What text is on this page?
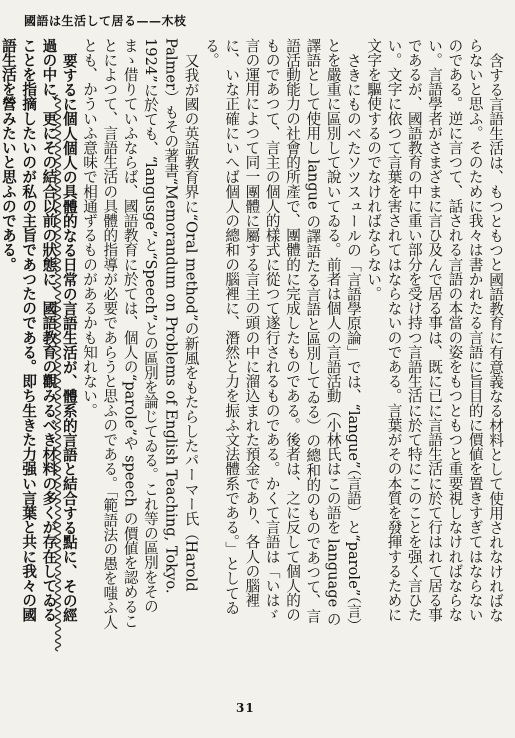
國語は生活して居る——木枝

含する言語生活は、もつともつと國語教育に有意義なる材料として使用されなければならないと思ふ。そのために我々は書かれたる言語に旨目的に價値を置きすぎてはならないのである。逆に言つて、話される言語の本當の姿をもつともつと重要視しなければならない。言語學者がさまざまに言ひ及んで居る事は、既に已に言語生活に於て行はれて居る事であるが、國語教育の中に重い部分を受け持つ言語生活に於て特にこのことを强く言ひたい。文字に依つて言葉を害されてはならないのである。言葉がその本質を發揮するために文字を驅使するのでなければならない。

さきにものべたソツスュールの「言語學原論」では、“langue”（言語）と“parole”（言）とを嚴重に區別して說いてゐる。前者は個人の言語活動（小林氏はこの語を language の譯語として使用し langue の譯語たる言語と區別してゐる）の總和的のものであつて、言語活動能力の社會的所產で、團體的に完成したものである。後者は、之に反して個人的のものであつて、言主の個人的樣式に從つて遂行されるものである。かくて言語は「いはゞ言の運用によつて同一團體に屬する言主の頭の中に溜込まれた預金であり、各人の腦裡に、いな正確にいへば個人の總和の腦裡に、潛然と力を振ふ文法體系である。」としてゐる。

又我が國の英語教育界に“Oral method”の新風をもたらしたパーマー氏（Harold Palmer）もその著書“Memorandum on Problems of English Teaching, Tokyo. 1924”に於ても、“langusge”と“Speech”との區別を論じてゐる。これ等の區別をそのまゝ借りていふならば、國語教育に於ては、個人の“parole”や speech の價値を認めることによつて、言語生活の具體的指導が必要であらうと思ふのである。「範語法の愚を嗤ふ人とも、かういふ意味で相通ずるものがあるかも知れない。

要するに個人個人の具體的なる日常の言語生活が、體系的言語と結合する點に、その經過の中に、更にその結合以前の狀態に、國語教育の觀みるべき材料の多くが存在してゐることを指摘したいのが私の主旨であつたのである。即ち生きた力强い言葉と共に我々の國語生活を營みたいと思ふのである。

31
